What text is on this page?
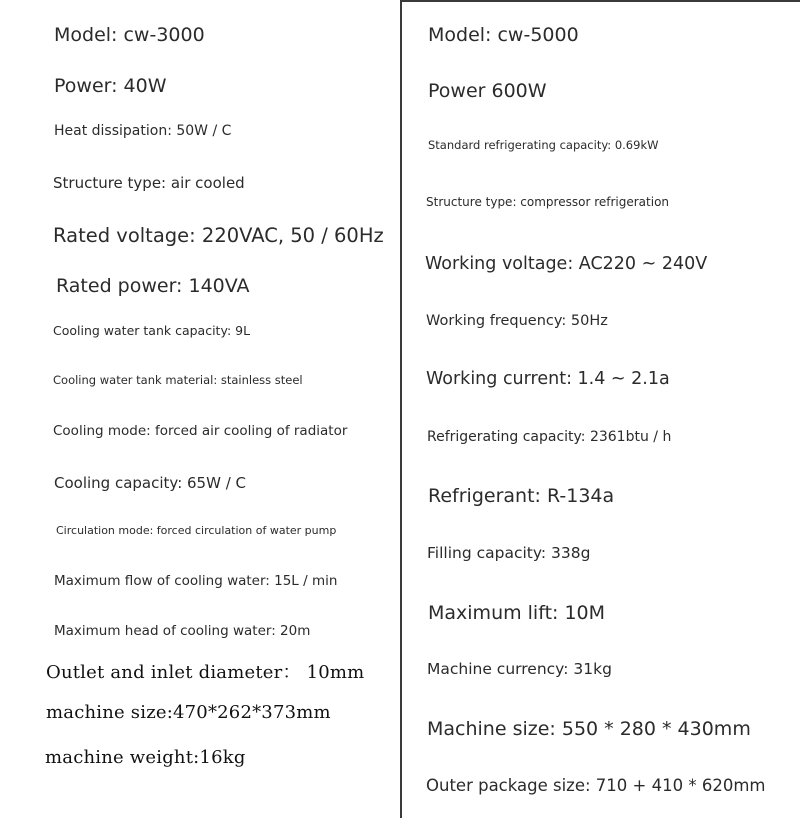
Model: cw-3000
Power: 40W
Heat dissipation: 50W / C
Structure type: air cooled
Rated voltage: 220VAC, 50 / 60Hz
Rated power: 140VA
Cooling water tank capacity: 9L
Cooling water tank material: stainless steel
Cooling mode: forced air cooling of radiator
Cooling capacity: 65W / C
Circulation mode: forced circulation of water pump
Maximum flow of cooling water: 15L / min
Maximum head of cooling water: 20m
Outlet and inlet diameter： 10mm
machine size:470*262*373mm
machine weight:16kg
Model: cw-5000
Power 600W
Standard refrigerating capacity: 0.69kW
Structure type: compressor refrigeration
Working voltage: AC220 ~ 240V
Working frequency: 50Hz
Working current: 1.4 ~ 2.1a
Refrigerating capacity: 2361btu / h
Refrigerant: R-134a
Filling capacity: 338g
Maximum lift: 10M
Machine currency: 31kg
Machine size: 550 * 280 * 430mm
Outer package size: 710 + 410 * 620mm
